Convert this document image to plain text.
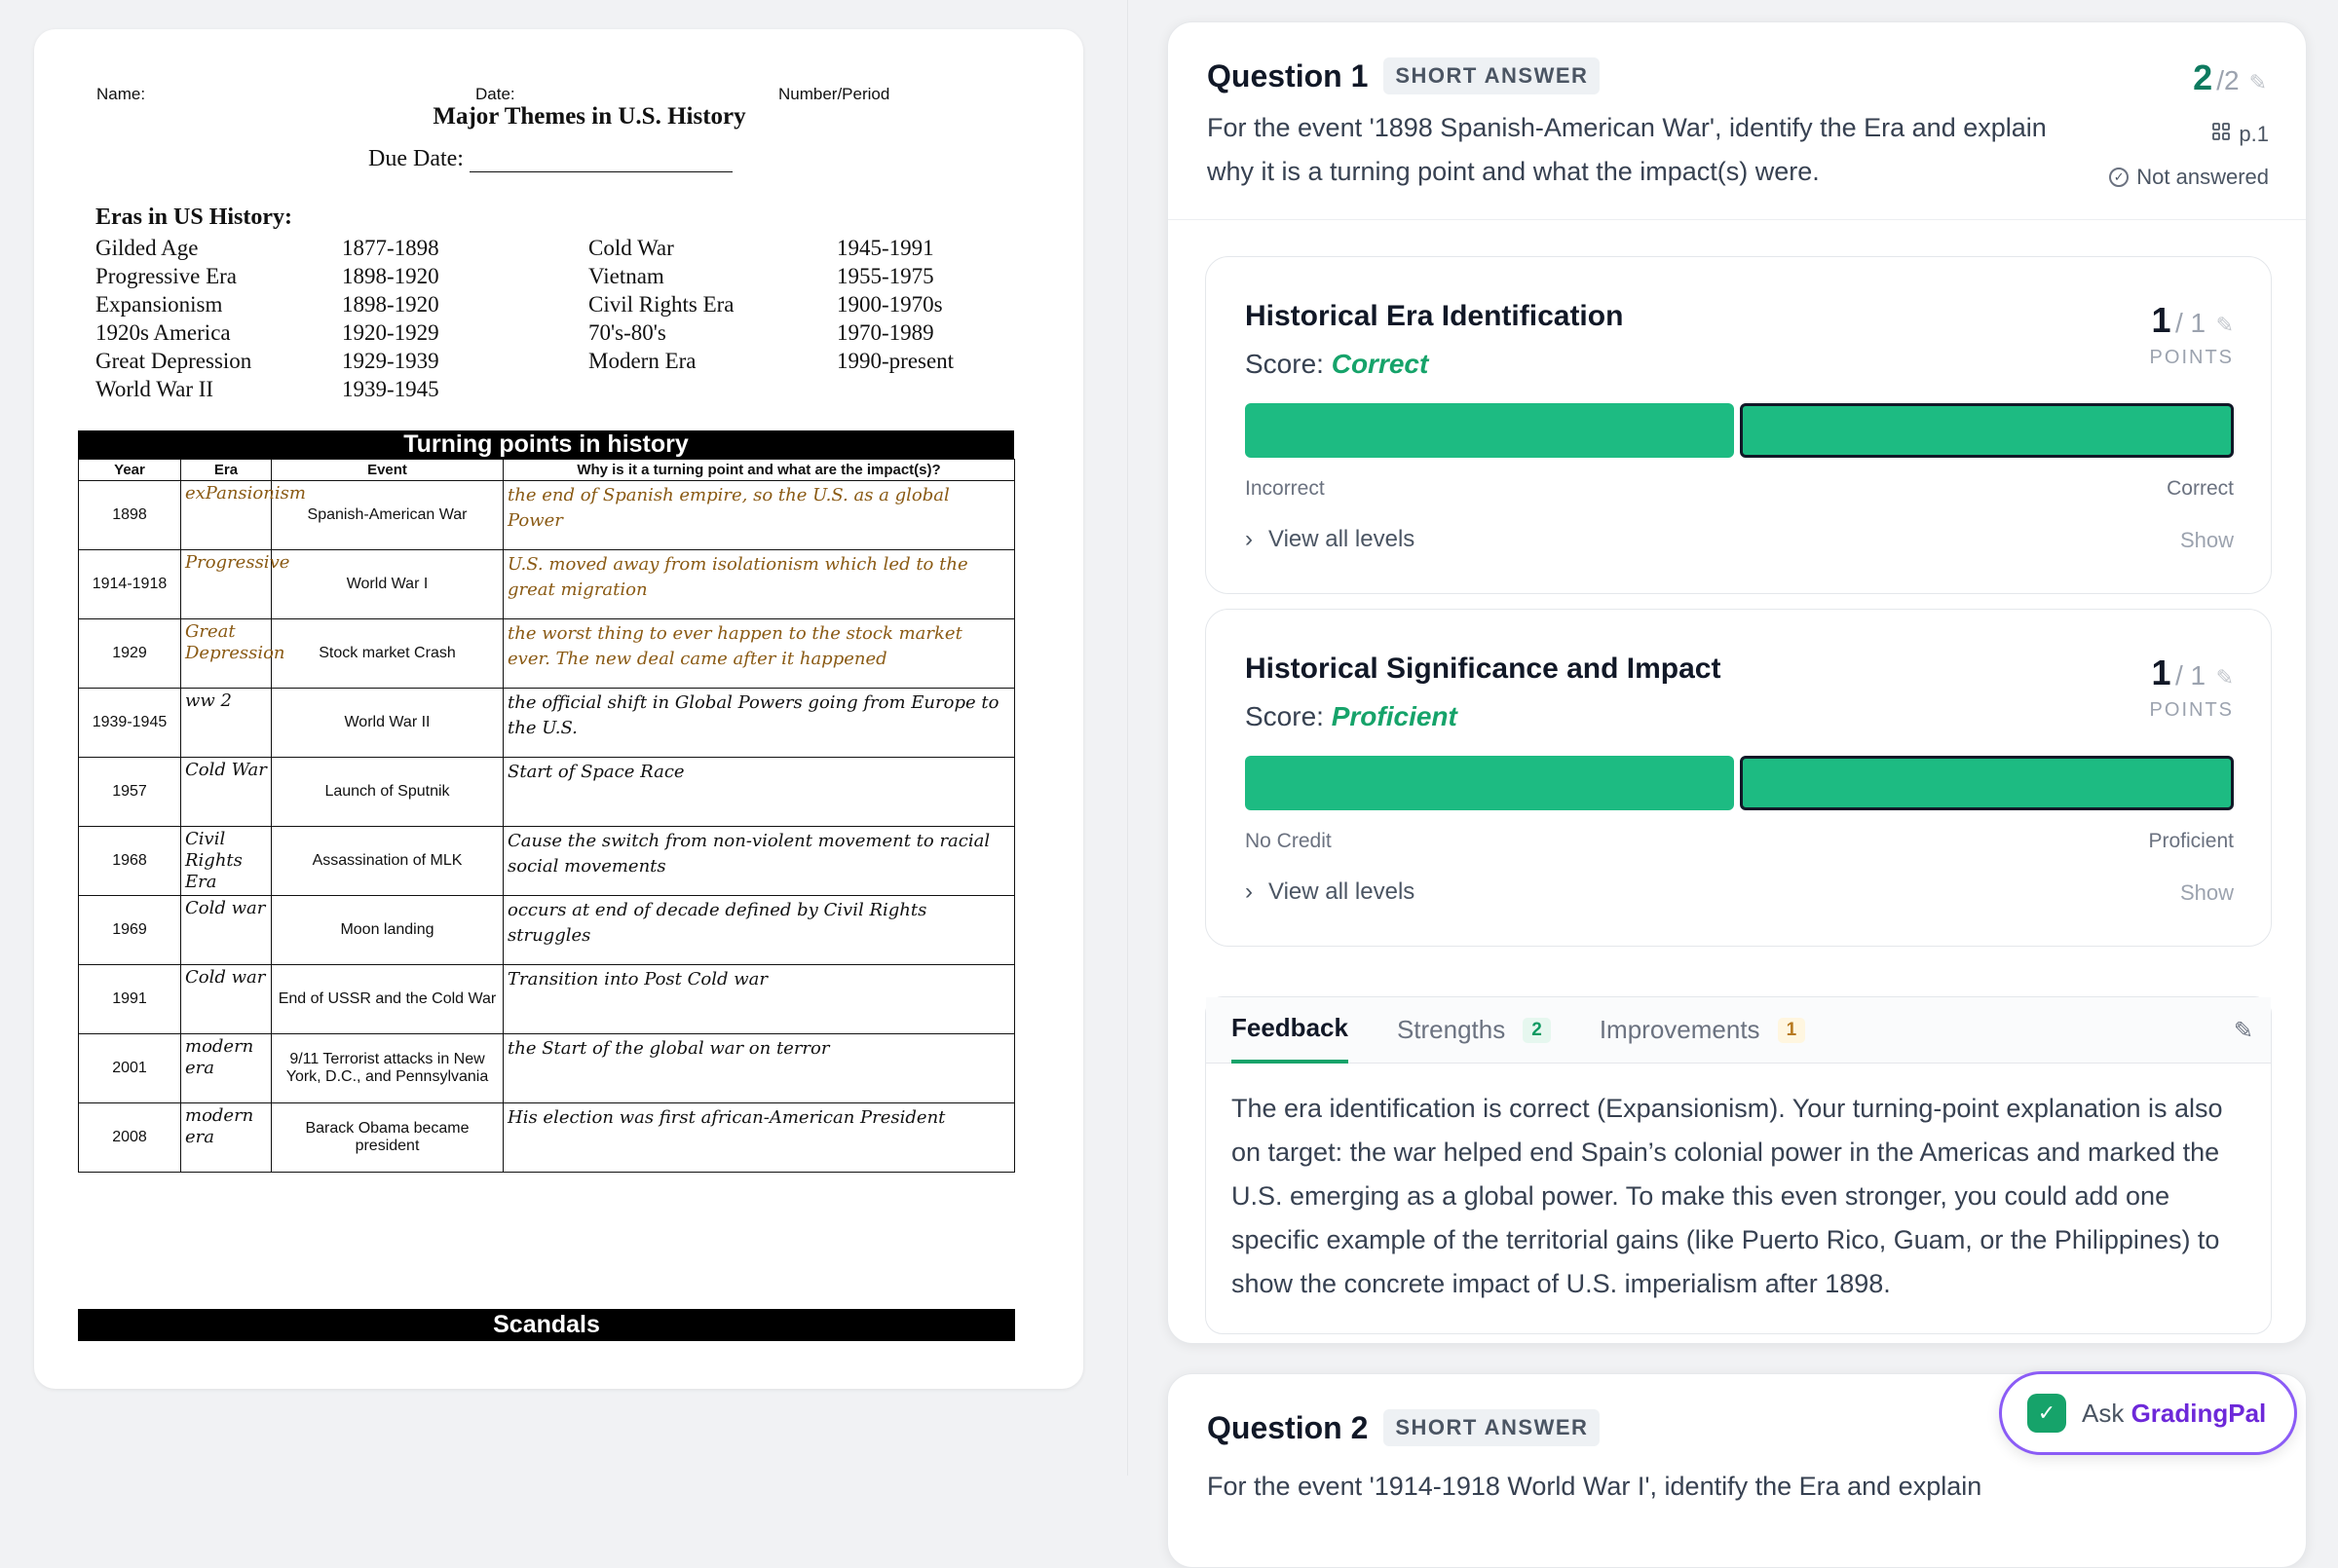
Name:	Date:	Number/Period
Major Themes in U.S. History
Due Date:
Eras in US History:
Gilded Age	1877-1898	Cold War	1945-1991
Progressive Era	1898-1920	Vietnam	1955-1975
Expansionism	1898-1920	Civil Rights Era	1900-1970s
1920s America	1920-1929	70's-80's	1970-1989
Great Depression	1929-1939	Modern Era	1990-present
World War II	1939-1945
Turning points in history
Year	Era	Event	Why is it a turning point and what are the impact(s)?
1898	exPansionism	Spanish-American War	the end of Spanish empire, so the U.S. as a global Power
1914-1918	Progressive	World War I	U.S. moved away from isolationism which led to the great migration
1929	Great Depression	Stock market Crash	the worst thing to ever happen to the stock market ever. The new deal came after it happened
1939-1945	ww 2	World War II	the official shift in Global Powers going from Europe to the U.S.
1957	Cold War	Launch of Sputnik	Start of Space Race
1968	Civil Rights Era	Assassination of MLK	Cause the switch from non-violent movement to racial social movements
1969	Cold war	Moon landing	occurs at end of decade defined by Civil Rights struggles
1991	Cold war	End of USSR and the Cold War	Transition into Post Cold war
2001	modern era	9/11 Terrorist attacks in New York, D.C., and Pennsylvania	the Start of the global war on terror
2008	modern era	Barack Obama became president	His election was first african-American President
Scandals
Question 1	SHORT ANSWER	2 /2 ✎
For the event '1898 Spanish-American War', identify the Era and explain why it is a turning point and what the impact(s) were.
p.1
✓ Not answered
Historical Era Identification
Score: Correct
1 / 1 ✎
POINTS
Incorrect	Correct
› View all levels	Show
Historical Significance and Impact
Score: Proficient
1 / 1 ✎
POINTS
No Credit	Proficient
› View all levels	Show
Feedback Strengths	2	Improvements	1	✎
The era identification is correct (Expansionism). Your turning-point explanation is also on target: the war helped end Spain’s colonial power in the Americas and marked the U.S. emerging as a global power. To make this even stronger, you could add one specific example of the territorial gains (like Puerto Rico, Guam, or the Philippines) to show the concrete impact of U.S. imperialism after 1898.
Question 2	SHORT ANSWER
For the event '1914-1918 World War I', identify the Era and explain
✓	Ask GradingPal
